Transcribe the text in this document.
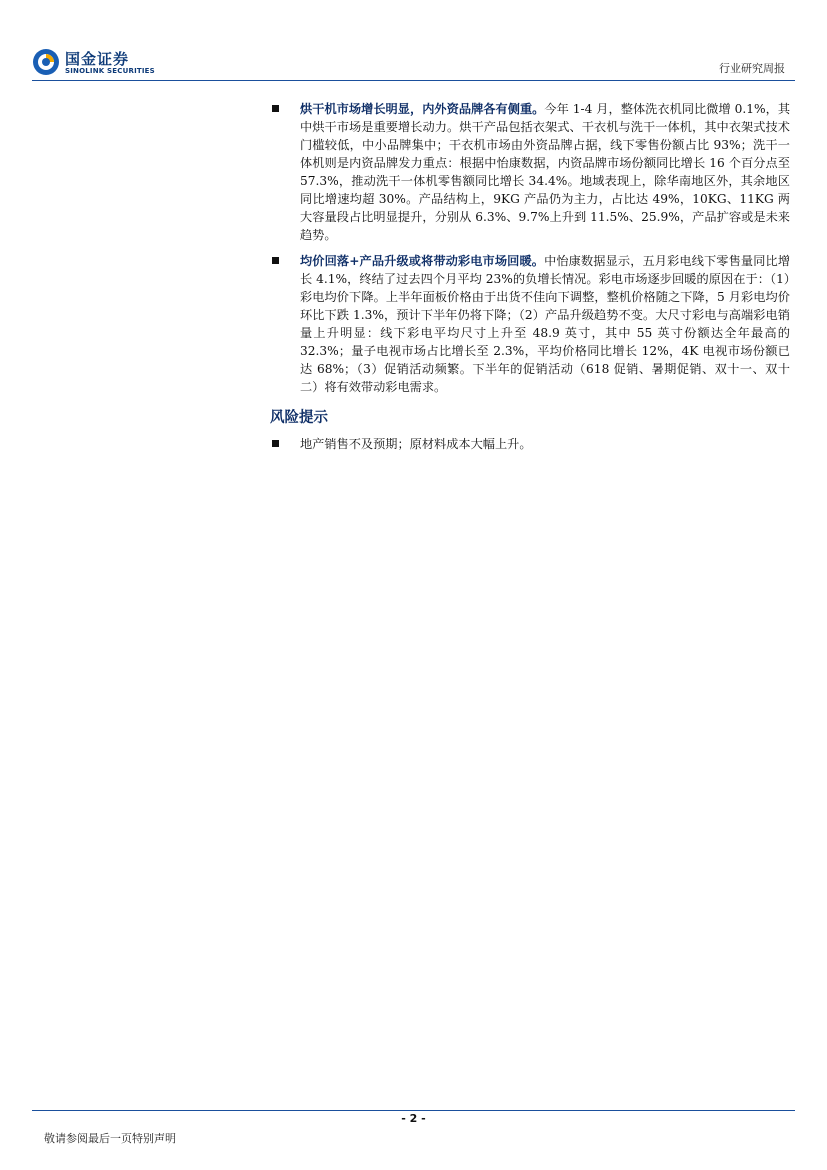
国金证券
SINOLINK SECURITIES	行业研究周报
烘干机市场增长明显，内外资品牌各有侧重。今年 1-4 月，整体洗衣机同比微增 0.1%，其中烘干市场是重要增长动力。烘干产品包括衣架式、干衣机与洗干一体机，其中衣架式技术门槛较低，中小品牌集中；干衣机市场由外资品牌占据，线下零售份额占比 93%；洗干一体机则是内资品牌发力重点：根据中怡康数据，内资品牌市场份额同比增长 16 个百分点至 57.3%，推动洗干一体机零售额同比增长 34.4%。地域表现上，除华南地区外，其余地区同比增速均超 30%。产品结构上，9KG 产品仍为主力，占比达 49%，10KG、11KG 两大容量段占比明显提升，分别从 6.3%、9.7%上升到 11.5%、25.9%，产品扩容或是未来趋势。
均价回落+产品升级或将带动彩电市场回暖。中怡康数据显示，五月彩电线下零售量同比增长 4.1%，终结了过去四个月平均 23%的负增长情况。彩电市场逐步回暖的原因在于：（1）彩电均价下降。上半年面板价格由于出货不佳向下调整，整机价格随之下降，5 月彩电均价环比下跌 1.3%，预计下半年仍将下降；（2）产品升级趋势不变。大尺寸彩电与高端彩电销量上升明显：线下彩电平均尺寸上升至 48.9 英寸，其中 55 英寸份额达全年最高的 32.3%；量子电视市场占比增长至 2.3%，平均价格同比增长 12%，4K 电视市场份额已达 68%；（3）促销活动频繁。下半年的促销活动（618 促销、暑期促销、双十一、双十二）将有效带动彩电需求。
风险提示
地产销售不及预期；原材料成本大幅上升。
- 2 -
敬请参阅最后一页特别声明
